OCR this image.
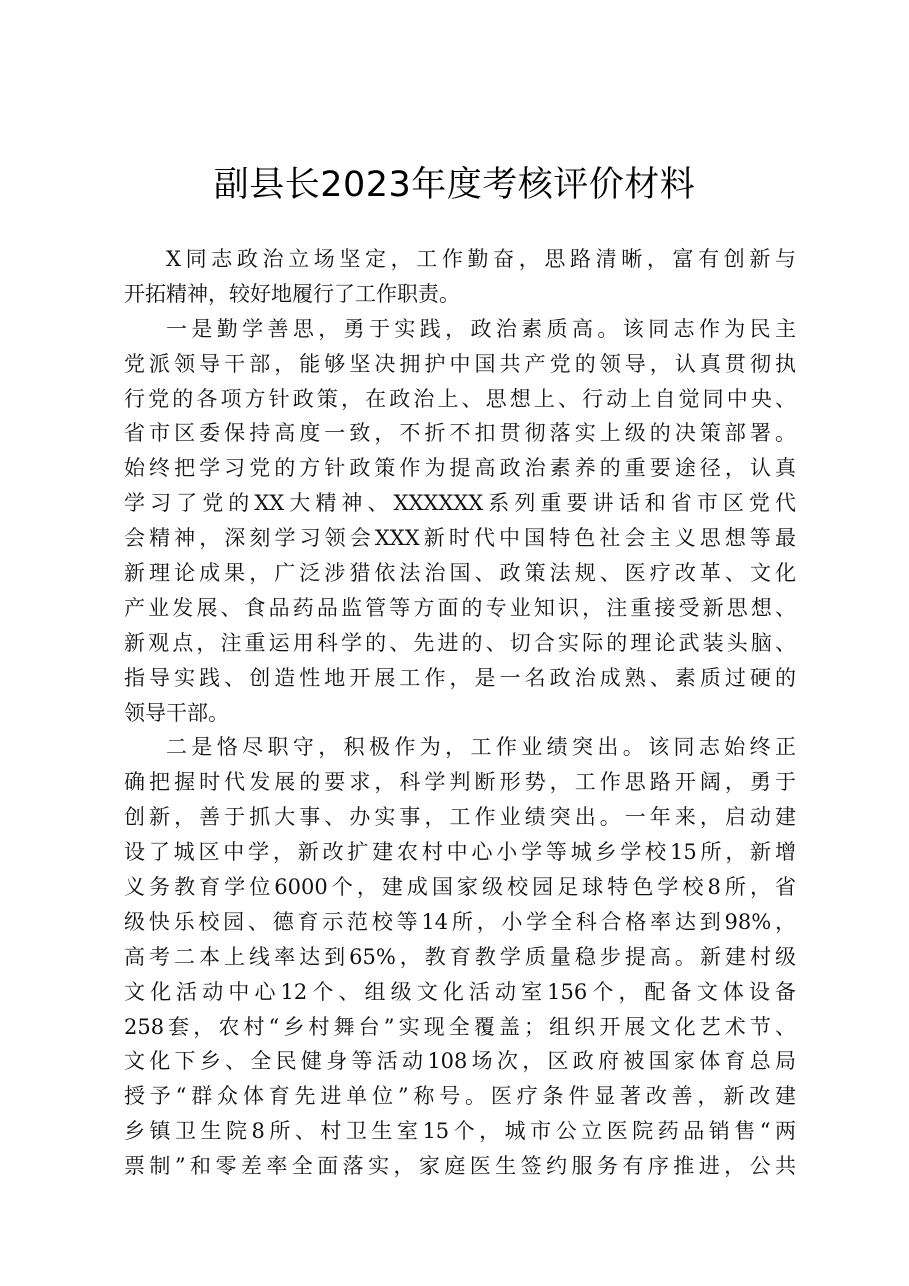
副县长2023年度考核评价材料
X同志政治立场坚定，工作勤奋，思路清晰，富有创新与
开拓精神，较好地履行了工作职责。
一是勤学善思，勇于实践，政治素质高。该同志作为民主
党派领导干部，能够坚决拥护中国共产党的领导，认真贯彻执
行党的各项方针政策，在政治上、思想上、行动上自觉同中央、
省市区委保持高度一致，不折不扣贯彻落实上级的决策部署。
始终把学习党的方针政策作为提高政治素养的重要途径，认真
学习了党的XX大精神、XXXXXX系列重要讲话和省市区党代
会精神，深刻学习领会XXX新时代中国特色社会主义思想等最
新理论成果，广泛涉猎依法治国、政策法规、医疗改革、文化
产业发展、食品药品监管等方面的专业知识，注重接受新思想、
新观点，注重运用科学的、先进的、切合实际的理论武装头脑、
指导实践、创造性地开展工作，是一名政治成熟、素质过硬的
领导干部。
二是恪尽职守，积极作为，工作业绩突出。该同志始终正
确把握时代发展的要求，科学判断形势，工作思路开阔，勇于
创新，善于抓大事、办实事，工作业绩突出。一年来，启动建
设了城区中学，新改扩建农村中心小学等城乡学校15所，新增
义务教育学位6000个，建成国家级校园足球特色学校8所，省
级快乐校园、德育示范校等14所，小学全科合格率达到98%，
高考二本上线率达到65%，教育教学质量稳步提高。新建村级
文化活动中心12个、组级文化活动室156个，配备文体设备
258套，农村“乡村舞台”实现全覆盖；组织开展文化艺术节、
文化下乡、全民健身等活动108场次，区政府被国家体育总局
授予“群众体育先进单位”称号。医疗条件显著改善，新改建
乡镇卫生院8所、村卫生室15个，城市公立医院药品销售“两
票制”和零差率全面落实，家庭医生签约服务有序推进，公共
